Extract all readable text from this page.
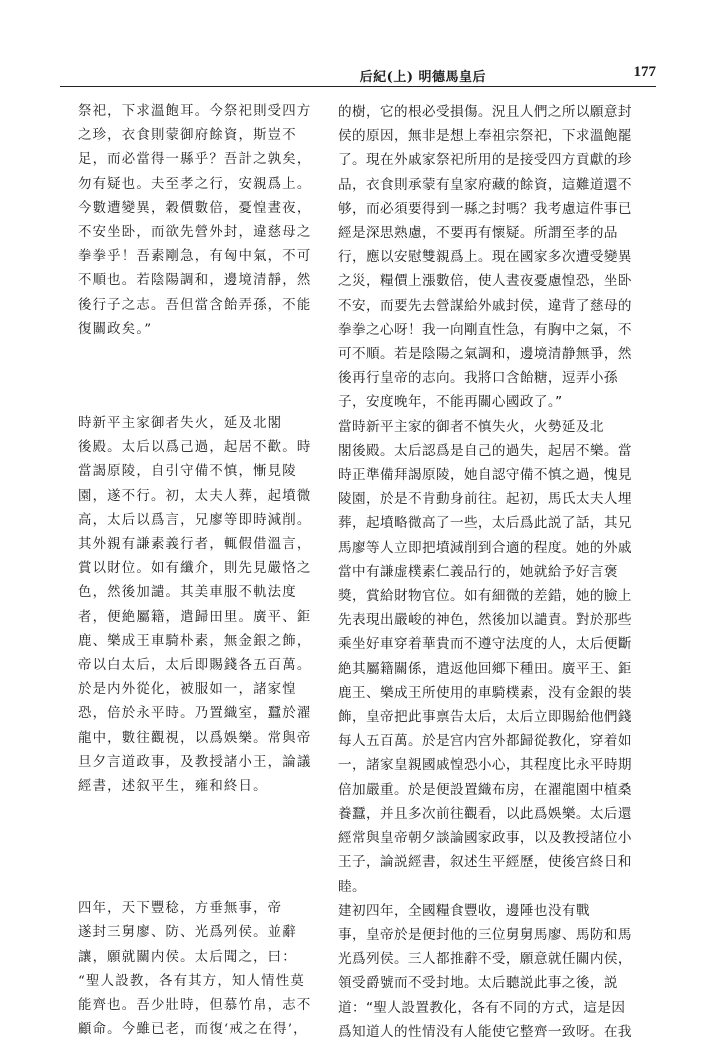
后紀(上) 明德馬皇后	177

祭祀，下求溫飽耳。今祭祀則受四方
之珍，衣食則蒙御府餘資，斯豈不
足，而必當得一縣乎？吾計之孰矣，
勿有疑也。夫至孝之行，安親爲上。
今數遭變異，穀價數倍，憂惶晝夜，
不安坐卧，而欲先營外封，違慈母之
拳拳乎！吾素剛急，有匈中氣，不可
不順也。若陰陽調和，邊境清靜，然
後行子之志。吾但當含飴弄孫，不能
復關政矣。”

時新平主家御者失火，延及北閣
後殿。太后以爲己過，起居不歡。時
當謁原陵，自引守備不慎，慚見陵
園，遂不行。初，太夫人葬，起墳微
高，太后以爲言，兄廖等即時減削。
其外親有謙素義行者，輒假借溫言，
賞以財位。如有纖介，則先見嚴恪之
色，然後加譴。其美車服不軌法度
者，便絶屬籍，遣歸田里。廣平、鉅
鹿、樂成王車騎朴素，無金銀之飾，
帝以白太后，太后即賜錢各五百萬。
於是内外從化，被服如一，諸家惶
恐，倍於永平時。乃置織室，蠶於濯
龍中，數往觀視，以爲娛樂。常與帝
旦夕言道政事，及教授諸小王，論議
經書，述叙平生，雍和終日。

四年，天下豐稔，方垂無事，帝
遂封三舅廖、防、光爲列侯。並辭
讓，願就關内侯。太后聞之，曰：
“聖人設教，各有其方，知人情性莫
能齊也。吾少壯時，但慕竹帛，志不
顧命。今雖已老，而復‘戒之在得’，

的樹，它的根必受損傷。況且人們之所以願意封
侯的原因，無非是想上奉祖宗祭祀，下求溫飽罷
了。現在外戚家祭祀所用的是接受四方貢獻的珍
品，衣食則承蒙有皇家府藏的餘資，這難道還不
够，而必須要得到一縣之封嗎？我考慮這件事已
經是深思熟慮，不要再有懷疑。所謂至孝的品
行，應以安慰雙親爲上。現在國家多次遭受變異
之災，糧價上漲數倍，使人晝夜憂慮惶恐，坐卧
不安，而要先去營謀給外戚封侯，違背了慈母的
拳拳之心呀！我一向剛直性急，有胸中之氣，不
可不順。若是陰陽之氣調和，邊境清静無爭，然
後再行皇帝的志向。我將口含飴糖，逗弄小孫
子，安度晚年，不能再關心國政了。”

當時新平主家的御者不慎失火，火勢延及北
閣後殿。太后認爲是自己的過失，起居不樂。當
時正準備拜謁原陵，她自認守備不慎之過，愧見
陵園，於是不肯動身前往。起初，馬氏太夫人埋
葬，起墳略微高了一些，太后爲此説了話，其兄
馬廖等人立即把墳減削到合適的程度。她的外戚
當中有謙虚樸素仁義品行的，她就給予好言褒
獎，賞給財物官位。如有細微的差錯，她的臉上
先表現出嚴峻的神色，然後加以譴責。對於那些
乘坐好車穿着華貴而不遵守法度的人，太后便斷
絶其屬籍關係，遣返他回鄉下種田。廣平王、鉅
鹿王、樂成王所使用的車騎樸素，没有金銀的裝
飾，皇帝把此事禀告太后，太后立即賜給他們錢
每人五百萬。於是宫内宫外都歸從教化，穿着如
一，諸家皇親國戚惶恐小心，其程度比永平時期
倍加嚴重。於是便設置織布房，在濯龍園中植桑
養蠶，并且多次前往觀看，以此爲娛樂。太后還
經常與皇帝朝夕談論國家政事，以及教授諸位小
王子，論説經書，叙述生平經歷，使後宫終日和
睦。

建初四年，全國糧食豐收，邊陲也没有戰
事，皇帝於是便封他的三位舅舅馬廖、馬防和馬
光爲列侯。三人都推辭不受，願意就任關内侯，
領受爵號而不受封地。太后聽説此事之後，説
道：“聖人設置教化，各有不同的方式，這是因
爲知道人的性情没有人能使它整齊一致呀。在我
